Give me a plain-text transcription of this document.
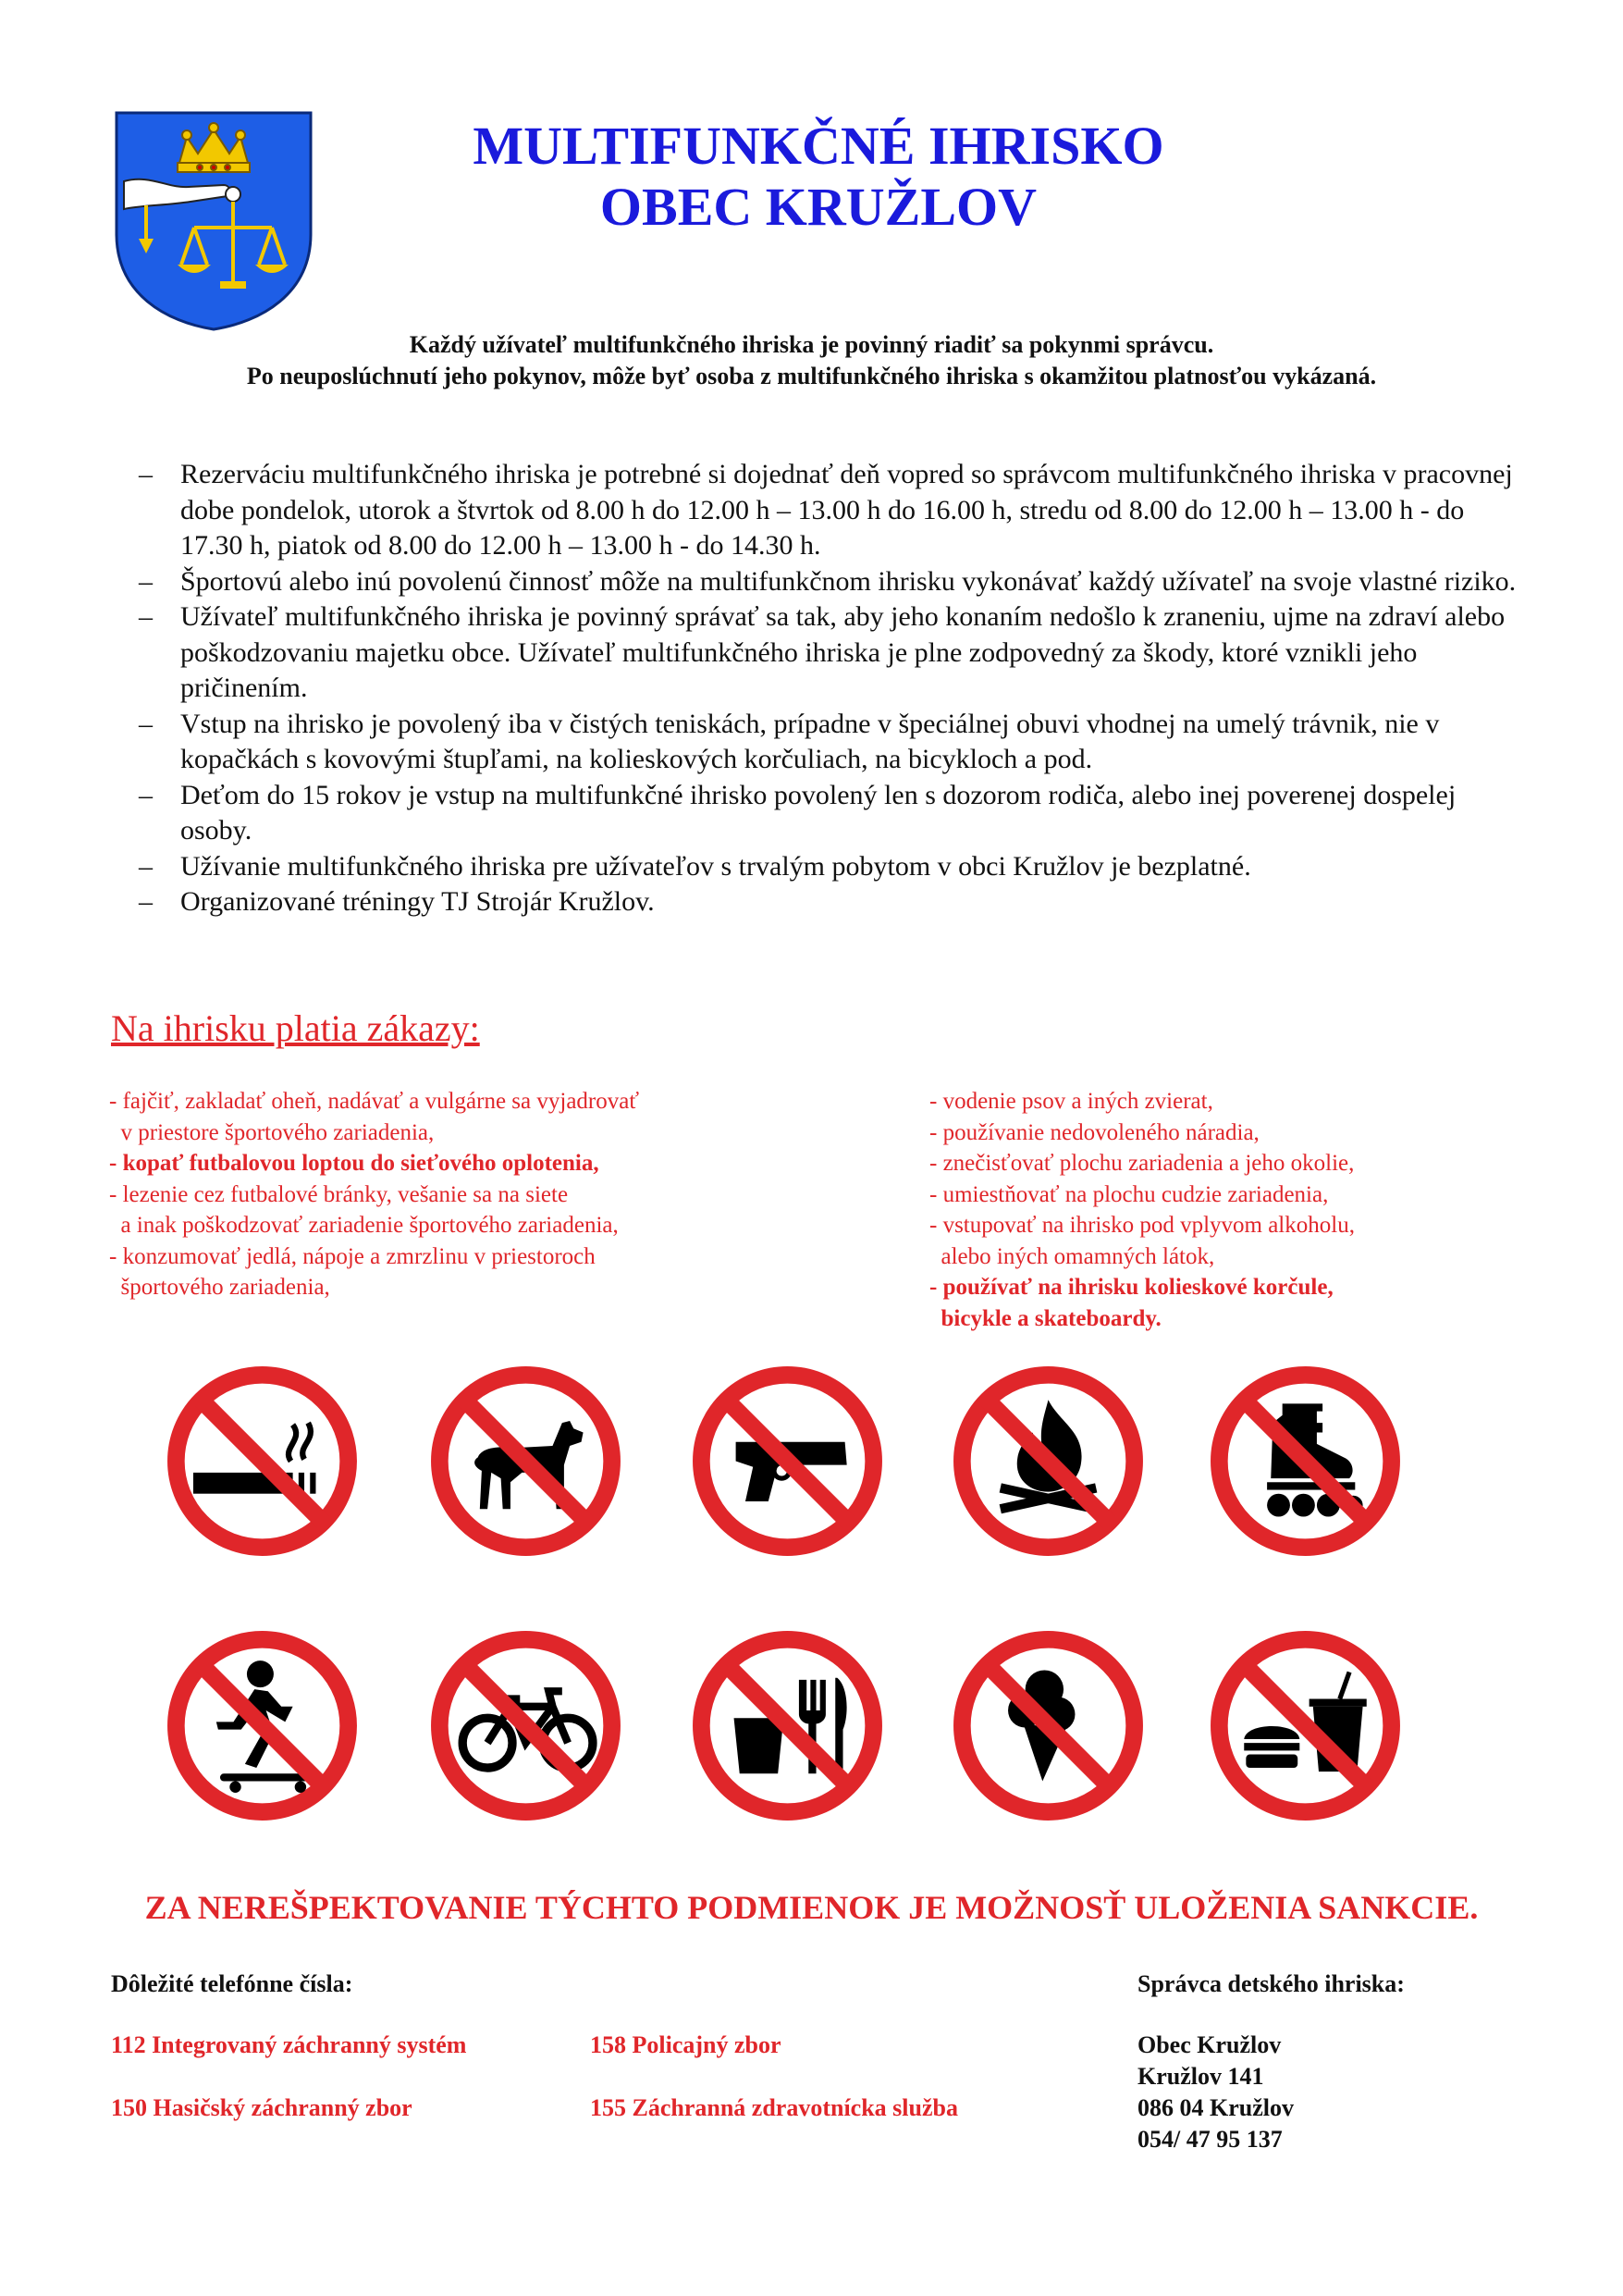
MULTIFUNKČNÉ IHRISKO
OBEC KRUŽLOV
Každý užívateľ multifunkčného ihriska je povinný riadiť sa pokynmi správcu.
Po neuposlúchnutí jeho pokynov, môže byť osoba z multifunkčného ihriska s okamžitou platnosťou vykázaná.
– Rezerváciu multifunkčného ihriska je potrebné si dojednať deň vopred so správcom multifunkčného ihriska v pracovnej dobe pondelok, utorok a štvrtok od 8.00 h do 12.00 h – 13.00 h do 16.00 h, stredu od 8.00 do 12.00 h – 13.00 h - do 17.30 h, piatok od 8.00 do 12.00 h – 13.00 h - do 14.30 h.
– Športovú alebo inú povolenú činnosť môže na multifunkčnom ihrisku vykonávať každý užívateľ na svoje vlastné riziko.
– Užívateľ multifunkčného ihriska je povinný správať sa tak, aby jeho konaním nedošlo k zraneniu, ujme na zdraví alebo poškodzovaniu majetku obce. Užívateľ multifunkčného ihriska je plne zodpovedný za škody, ktoré vznikli jeho pričinením.
– Vstup na ihrisko je povolený iba v čistých teniskách, prípadne v špeciálnej obuvi vhodnej na umelý trávnik, nie v kopačkách s kovovými štupľami, na kolieskových korčuliach, na bicykloch a pod.
– Deťom do 15 rokov je vstup na multifunkčné ihrisko povolený len s dozorom rodiča, alebo inej poverenej dospelej osoby.
– Užívanie multifunkčného ihriska pre užívateľov s trvalým pobytom v obci Kružlov je bezplatné.
– Organizované tréningy TJ Strojár Kružlov.
Na ihrisku platia zákazy:
- fajčiť, zakladať oheň, nadávať a vulgárne sa vyjadrovať
v priestore športového zariadenia,
- kopať futbalovou loptou do sieťového oplotenia,
- lezenie cez futbalové bránky, vešanie sa na siete
a inak poškodzovať zariadenie športového zariadenia,
- konzumovať jedlá, nápoje a zmrzlinu v priestoroch
športového zariadenia,
- vodenie psov a iných zvierat,
- používanie nedovoleného náradia,
- znečisťovať plochu zariadenia a jeho okolie,
- umiestňovať na plochu cudzie zariadenia,
- vstupovať na ihrisko pod vplyvom alkoholu,
alebo iných omamných látok,
- používať na ihrisku kolieskové korčule,
bicykle a skateboardy.
ZA NEREŠPEKTOVANIE TÝCHTO PODMIENOK JE MOŽNOSŤ ULOŽENIA SANKCIE.
Dôležité telefónne čísla:	Správca detského ihriska:
112 Integrovaný záchranný systém	158 Policajný zbor
150 Hasičský záchranný zbor	155 Záchranná zdravotnícka služba
Obec Kružlov
Kružlov 141
086 04 Kružlov
054/ 47 95 137
